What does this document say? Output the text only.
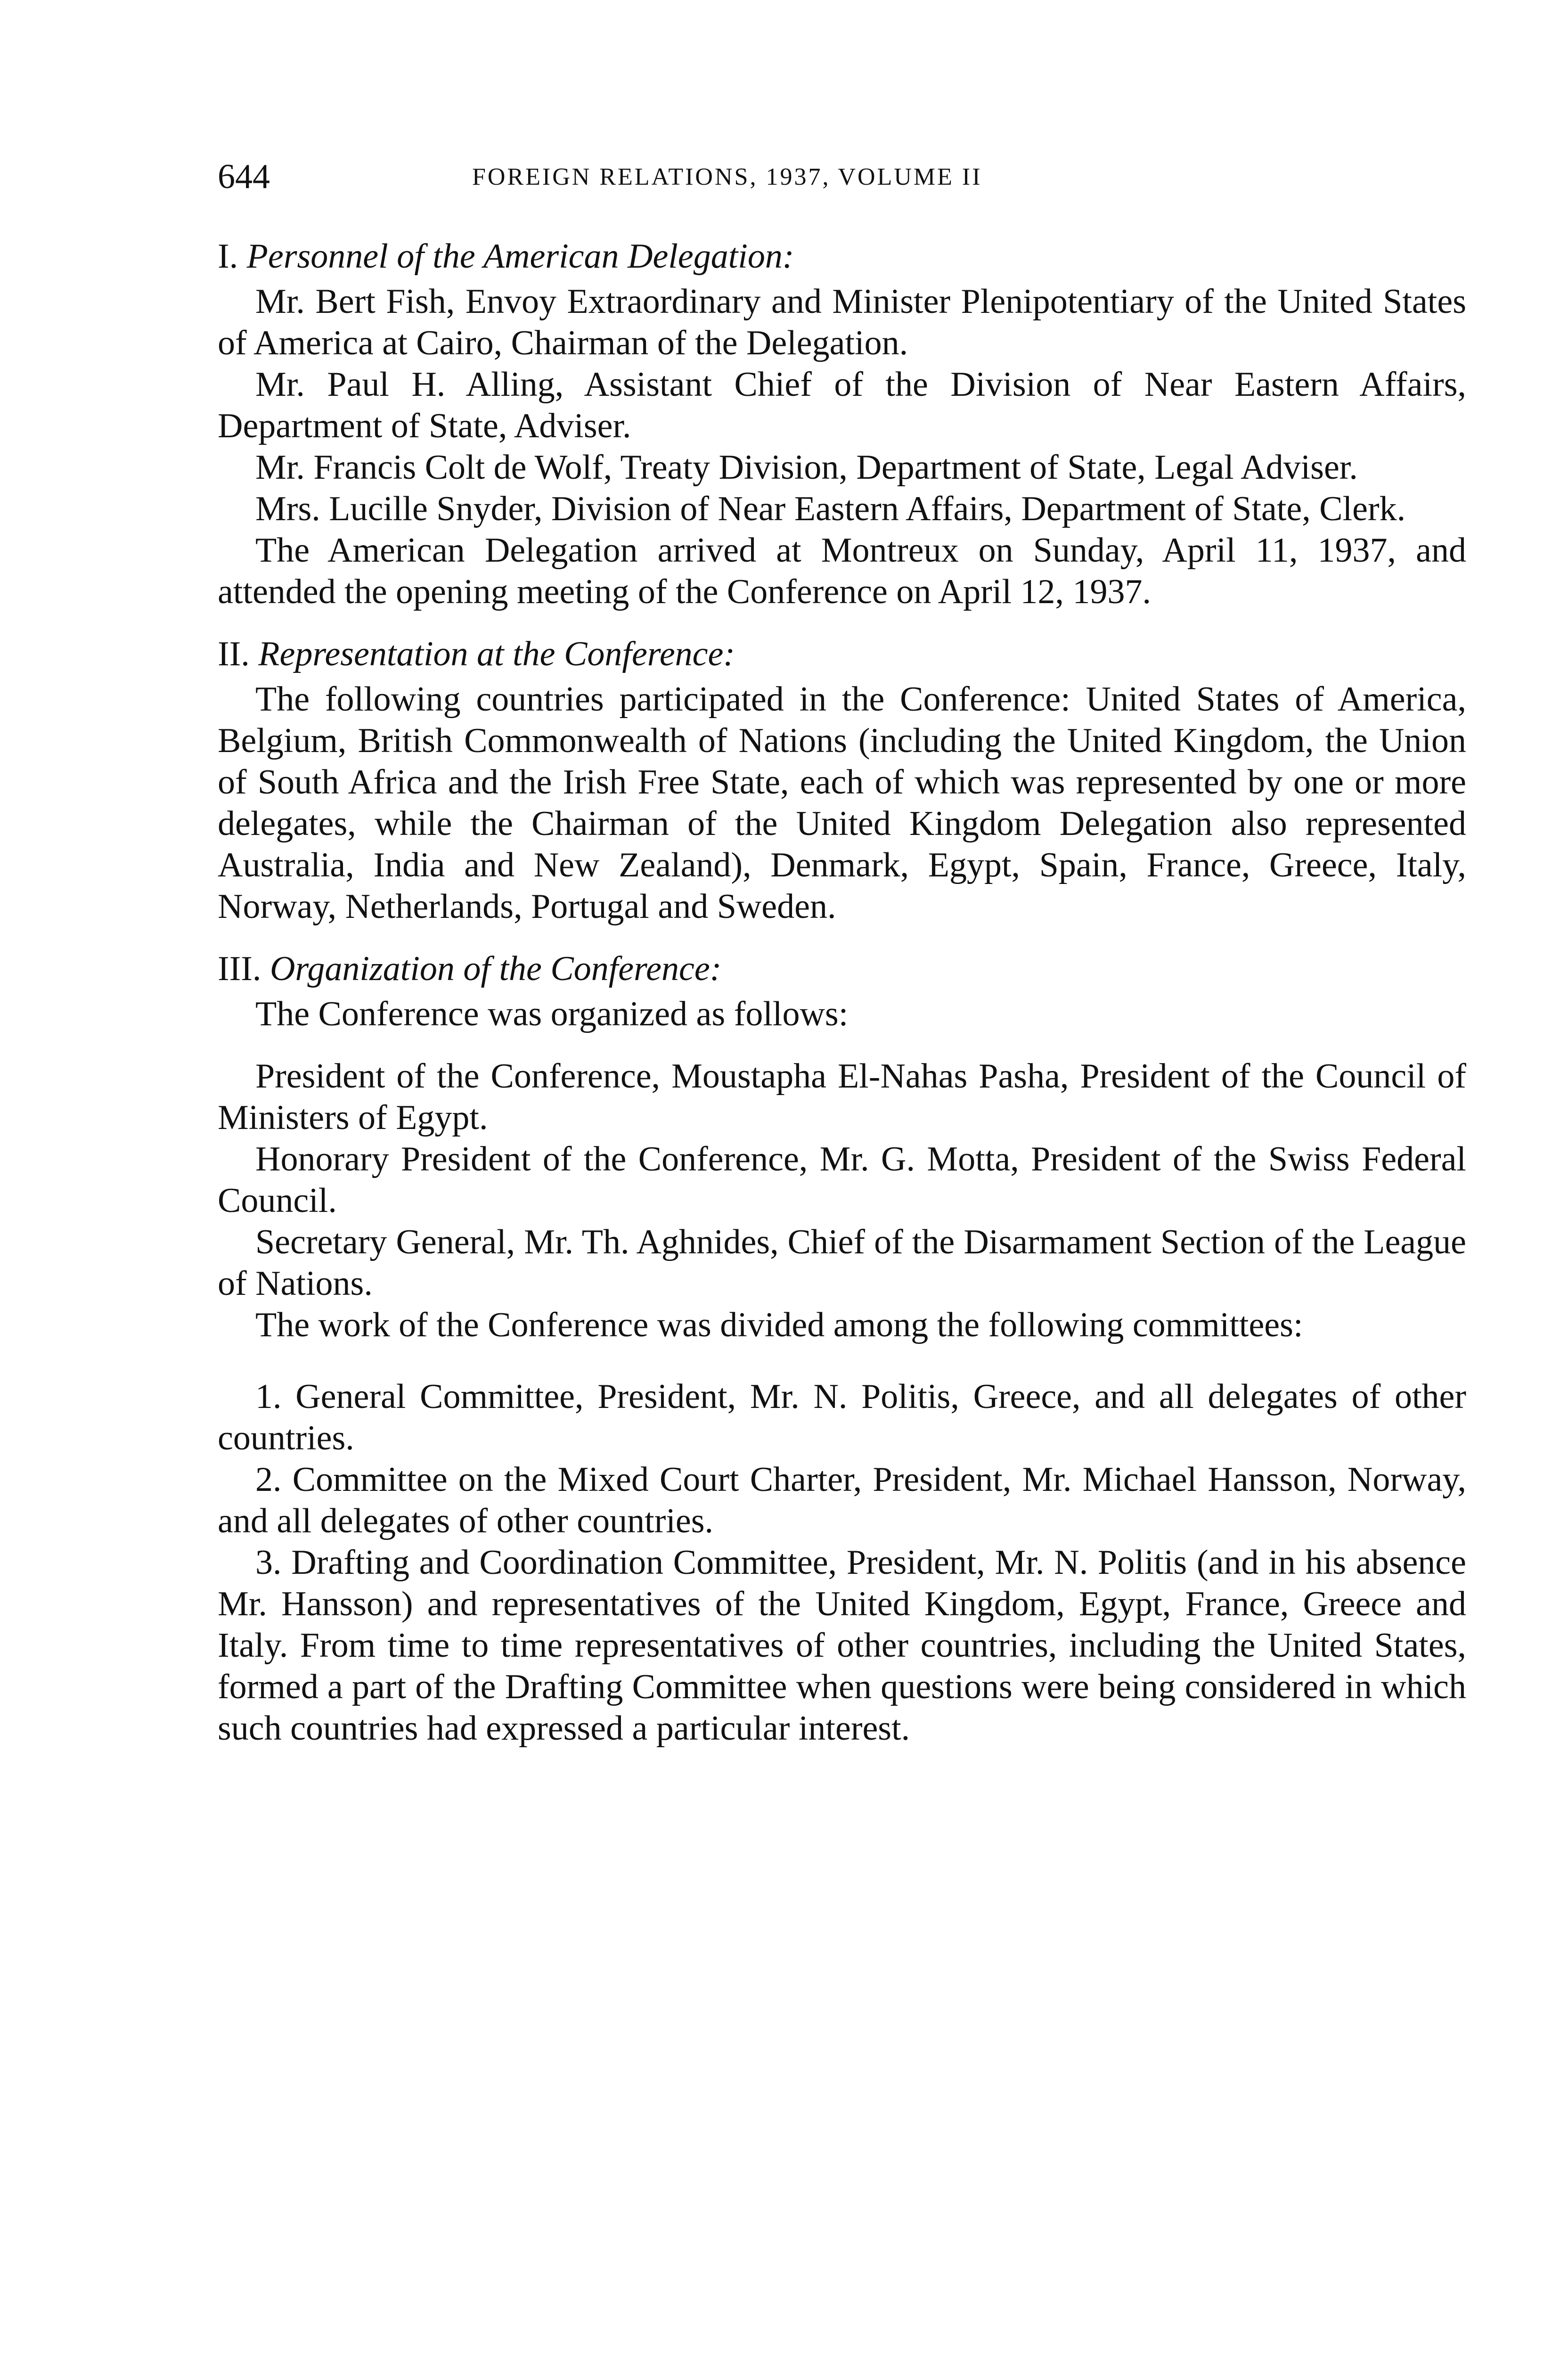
644	FOREIGN RELATIONS, 1937, VOLUME II

I. Personnel of the American Delegation:

Mr. Bert Fish, Envoy Extraordinary and Minister Plenipotentiary of the United States of America at Cairo, Chairman of the Delegation.

Mr. Paul H. Alling, Assistant Chief of the Division of Near Eastern Affairs, Department of State, Adviser.

Mr. Francis Colt de Wolf, Treaty Division, Department of State, Legal Adviser.

Mrs. Lucille Snyder, Division of Near Eastern Affairs, Department of State, Clerk.

The American Delegation arrived at Montreux on Sunday, April 11, 1937, and attended the opening meeting of the Conference on April 12, 1937.

II. Representation at the Conference:

The following countries participated in the Conference: United States of America, Belgium, British Commonwealth of Nations (including the United Kingdom, the Union of South Africa and the Irish Free State, each of which was represented by one or more delegates, while the Chairman of the United Kingdom Delegation also represented Australia, India and New Zealand), Denmark, Egypt, Spain, France, Greece, Italy, Norway, Netherlands, Portugal and Sweden.

III. Organization of the Conference:

The Conference was organized as follows:

President of the Conference, Moustapha El-Nahas Pasha, President of the Council of Ministers of Egypt.

Honorary President of the Conference, Mr. G. Motta, President of the Swiss Federal Council.

Secretary General, Mr. Th. Aghnides, Chief of the Disarmament Section of the League of Nations.

The work of the Conference was divided among the following committees:

1. General Committee, President, Mr. N. Politis, Greece, and all delegates of other countries.

2. Committee on the Mixed Court Charter, President, Mr. Michael Hansson, Norway, and all delegates of other countries.

3. Drafting and Coordination Committee, President, Mr. N. Politis (and in his absence Mr. Hansson) and representatives of the United Kingdom, Egypt, France, Greece and Italy. From time to time representatives of other countries, including the United States, formed a part of the Drafting Committee when questions were being considered in which such countries had expressed a particular interest.
